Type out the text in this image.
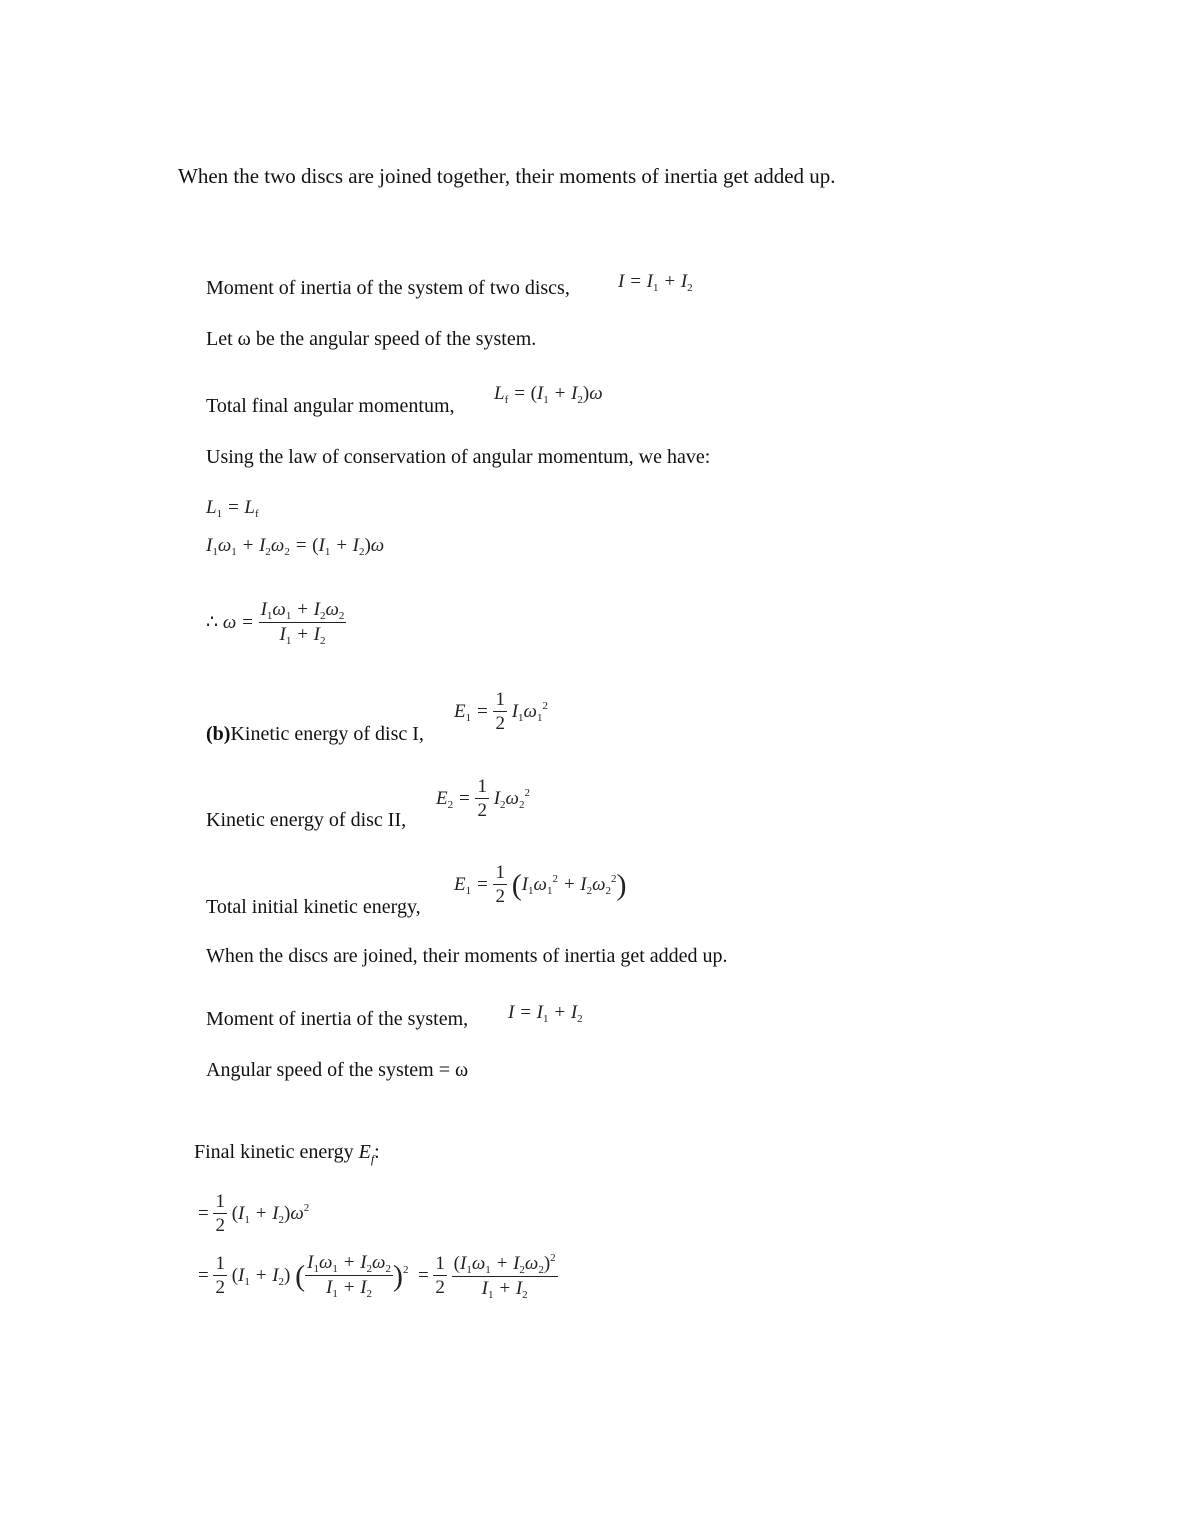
When the two discs are joined together, their moments of inertia get added up.
Moment of inertia of the system of two discs,	$I = I_1 + I_2$
Let ω be the angular speed of the system.
Total final angular momentum,
$L_f = (I_1 + I_2)\omega$
Using the law of conservation of angular momentum, we have:
$L_1 = L_f$
$I_1\omega_1 + I_2\omega_2 = (I_1 + I_2)\omega$
∴ $\omega = \frac{I_1\omega_1 + I_2\omega_2}{I_1 + I_2}$
(b)Kinetic energy of disc I,
$E_1 = \frac{1}{2} I_1\omega_1^2$
Kinetic energy of disc II,
$E_2 = \frac{1}{2} I_2\omega_2^2$
Total initial kinetic energy,
$E_1 = \frac{1}{2} (I_1\omega_1^2 + I_2\omega_2^2)$
When the discs are joined, their moments of inertia get added up.
Moment of inertia of the system, $I = I_1 + I_2$
Angular speed of the system = ω
Final kinetic energy $E_f$:
= $\frac{1}{2} (I_1 + I_2)\omega^2$
= $\frac{1}{2} (I_1 + I_2)$ ( $\frac{I_1\omega_1 + I_2\omega_2}{I_1 + I_2} )^2 = \frac{1}{2}$
$\frac{(I_1\omega_1 + I_2\omega_2)^2}{I_1 + I_2}$
